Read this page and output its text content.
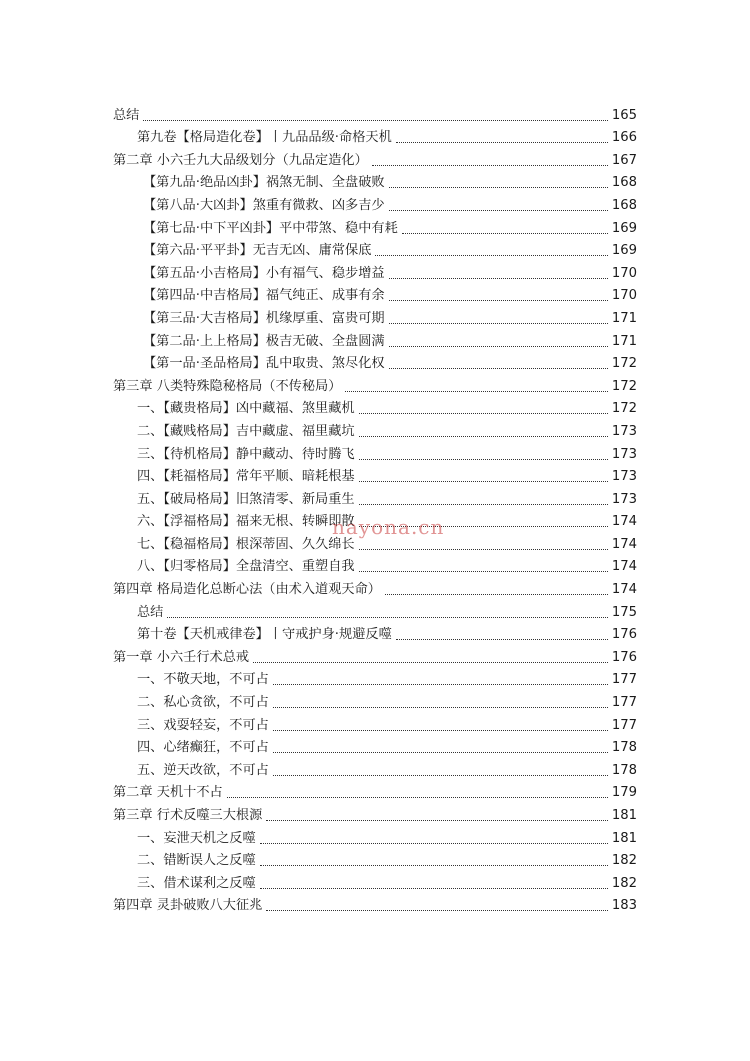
总结	165
第九卷【格局造化卷】丨九品品级·命格天机	166
第二章 小六壬九大品级划分（九品定造化）	167
【第九品·绝品凶卦】祸煞无制、全盘破败	168
【第八品·大凶卦】煞重有微救、凶多吉少	168
【第七品·中下平凶卦】平中带煞、稳中有耗	169
【第六品·平平卦】无吉无凶、庸常保底	169
【第五品·小吉格局】小有福气、稳步增益	170
【第四品·中吉格局】福气纯正、成事有余	170
【第三品·大吉格局】机缘厚重、富贵可期	171
【第二品·上上格局】极吉无破、全盘圆满	171
【第一品·圣品格局】乱中取贵、煞尽化权	172
第三章 八类特殊隐秘格局（不传秘局）	172
一、【藏贵格局】凶中藏福、煞里藏机	172
二、【藏贱格局】吉中藏虚、福里藏坑	173
三、【待机格局】静中藏动、待时腾飞	173
四、【耗福格局】常年平顺、暗耗根基	173
五、【破局格局】旧煞清零、新局重生	173
六、【浮福格局】福来无根、转瞬即散	174
七、【稳福格局】根深蒂固、久久绵长	174
八、【归零格局】全盘清空、重塑自我	174
第四章 格局造化总断心法（由术入道观天命）	174
总结	175
第十卷【天机戒律卷】丨守戒护身·规避反噬	176
第一章 小六壬行术总戒	176
一、不敬天地，不可占	177
二、私心贪欲，不可占	177
三、戏耍轻妄，不可占	177
四、心绪癫狂，不可占	178
五、逆天改欲，不可占	178
第二章 天机十不占	179
第三章 行术反噬三大根源	181
一、妄泄天机之反噬	181
二、错断误人之反噬	182
三、借术谋利之反噬	182
第四章 灵卦破败八大征兆	183
nayona.cn
